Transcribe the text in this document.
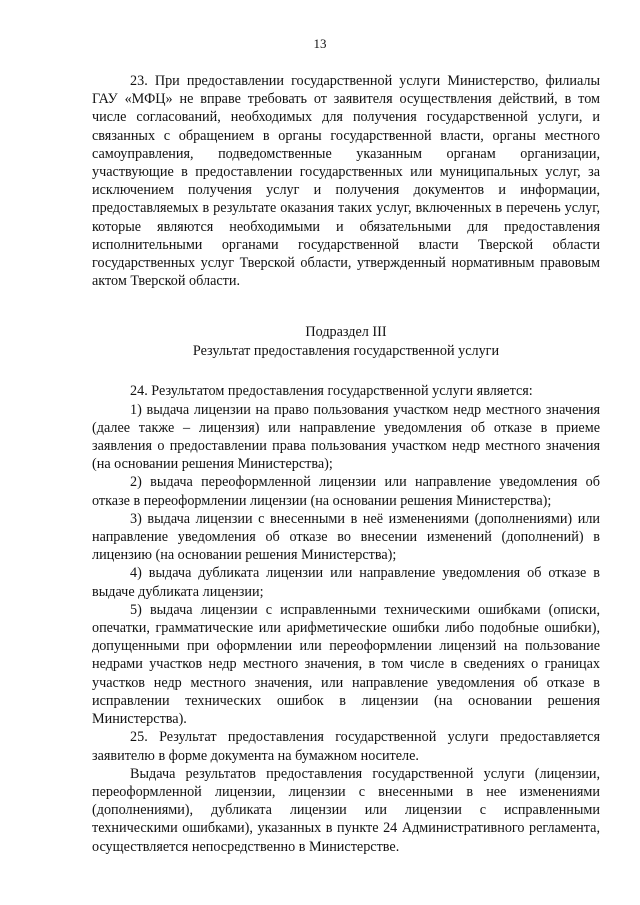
13

23. При предоставлении государственной услуги Министерство, филиалы ГАУ «МФЦ» не вправе требовать от заявителя осуществления действий, в том числе согласований, необходимых для получения государственной услуги, и связанных с обращением в органы государственной власти, органы местного самоуправления, подведомственные указанным органам организации, участвующие в предоставлении государственных или муниципальных услуг, за исключением получения услуг и получения документов и информации, предоставляемых в результате оказания таких услуг, включенных в перечень услуг, которые являются необходимыми и обязательными для предоставления исполнительными органами государственной власти Тверской области государственных услуг Тверской области, утвержденный нормативным правовым актом Тверской области.

Подраздел III
Результат предоставления государственной услуги

24. Результатом предоставления государственной услуги является:

1) выдача лицензии на право пользования участком недр местного значения (далее также – лицензия) или направление уведомления об отказе в приеме заявления о предоставлении права пользования участком недр местного значения (на основании решения Министерства);

2) выдача переоформленной лицензии или направление уведомления об отказе в переоформлении лицензии (на основании решения Министерства);

3) выдача лицензии с внесенными в неё изменениями (дополнениями) или направление уведомления об отказе во внесении изменений (дополнений) в лицензию (на основании решения Министерства);

4) выдача дубликата лицензии или направление уведомления об отказе в выдаче дубликата лицензии;

5) выдача лицензии с исправленными техническими ошибками (описки, опечатки, грамматические или арифметические ошибки либо подобные ошибки), допущенными при оформлении или переоформлении лицензий на пользование недрами участков недр местного значения, в том числе в сведениях о границах участков недр местного значения, или направление уведомления об отказе в исправлении технических ошибок в лицензии (на основании решения Министерства).

25. Результат предоставления государственной услуги предоставляется заявителю в форме документа на бумажном носителе.

Выдача результатов предоставления государственной услуги (лицензии, переоформленной лицензии, лицензии с внесенными в нее изменениями (дополнениями), дубликата лицензии или лицензии с исправленными техническими ошибками), указанных в пункте 24 Административного регламента, осуществляется непосредственно в Министерстве.
